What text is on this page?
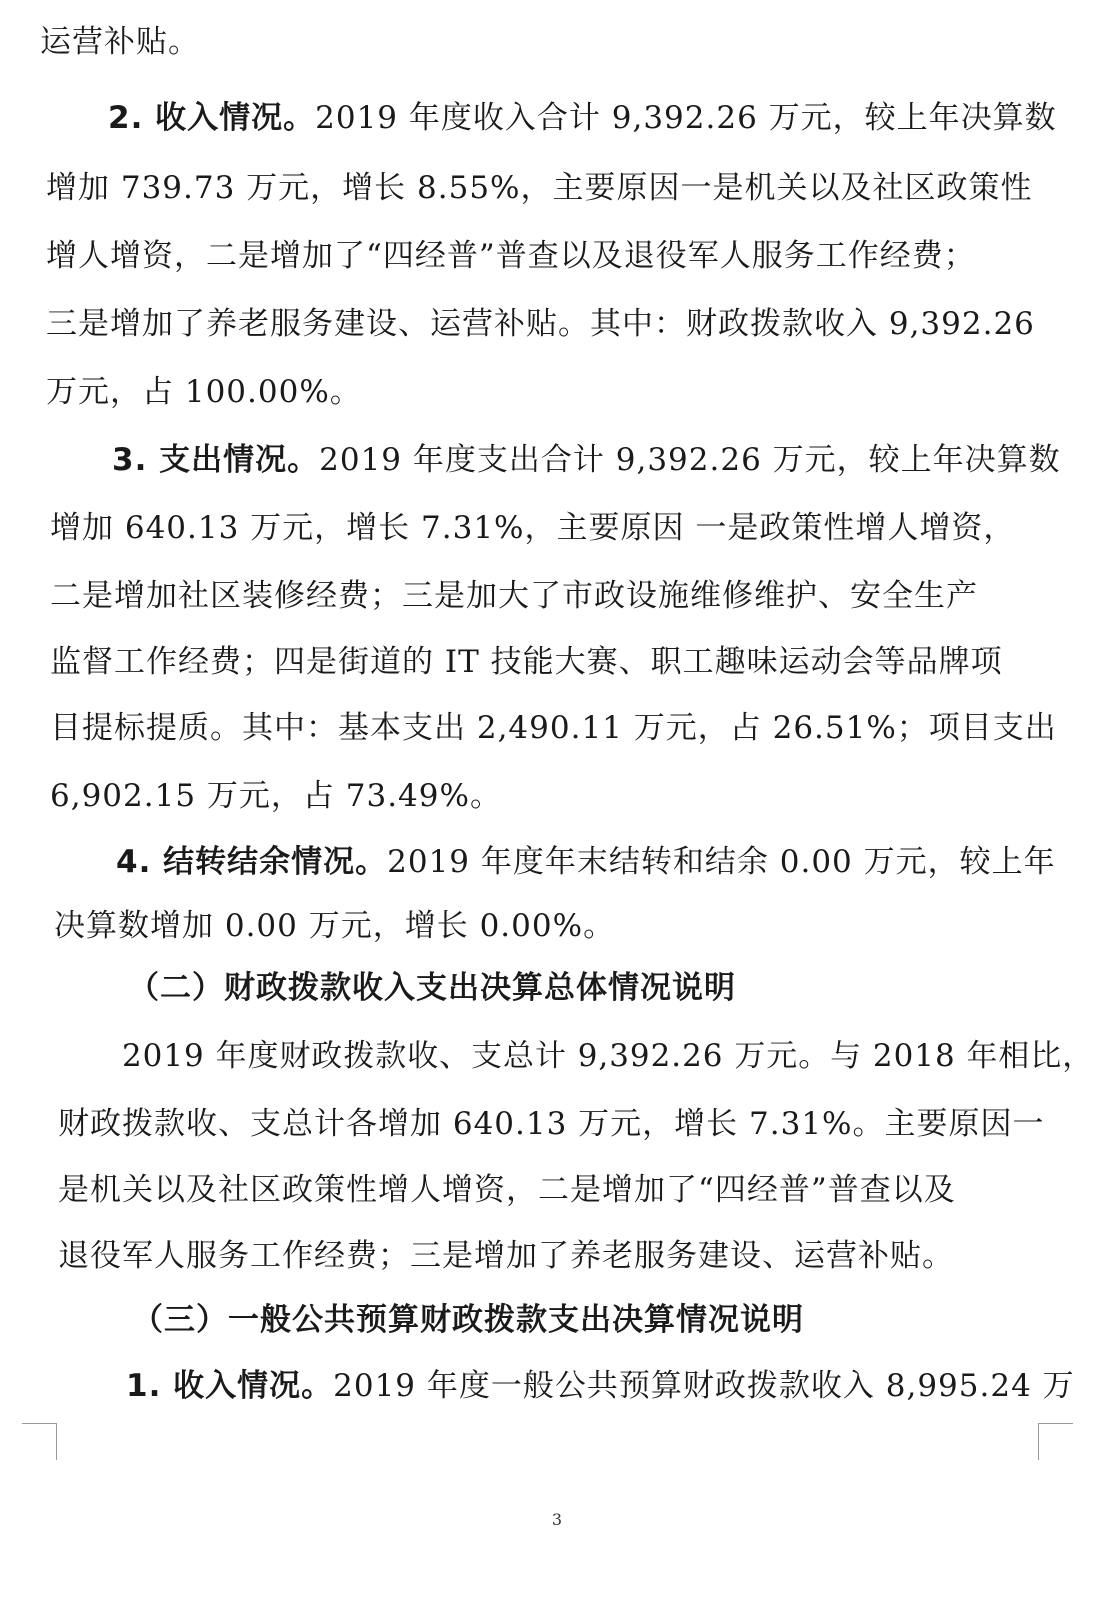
运营补贴。
2. 收入情况。2019 年度收入合计 9,392.26 万元，较上年决算数
增加 739.73 万元，增长 8.55%，主要原因一是机关以及社区政策性
增人增资，二是增加了“四经普”普查以及退役军人服务工作经费；
三是增加了养老服务建设、运营补贴。其中：财政拨款收入 9,392.26
万元，占 100.00%。
3. 支出情况。2019 年度支出合计 9,392.26 万元，较上年决算数
增加 640.13 万元，增长 7.31%，主要原因 一是政策性增人增资，
二是增加社区装修经费；三是加大了市政设施维修维护、安全生产
监督工作经费；四是街道的 IT 技能大赛、职工趣味运动会等品牌项
目提标提质。其中：基本支出 2,490.11 万元，占 26.51%；项目支出
6,902.15 万元，占 73.49%。
4. 结转结余情况。2019 年度年末结转和结余 0.00 万元，较上年
决算数增加 0.00 万元，增长 0.00%。
（二）财政拨款收入支出决算总体情况说明
2019 年度财政拨款收、支总计 9,392.26 万元。与 2018 年相比，
财政拨款收、支总计各增加 640.13 万元，增长 7.31%。主要原因一
是机关以及社区政策性增人增资，二是增加了“四经普”普查以及
退役军人服务工作经费；三是增加了养老服务建设、运营补贴。
（三）一般公共预算财政拨款支出决算情况说明
1. 收入情况。2019 年度一般公共预算财政拨款收入 8,995.24 万
3
